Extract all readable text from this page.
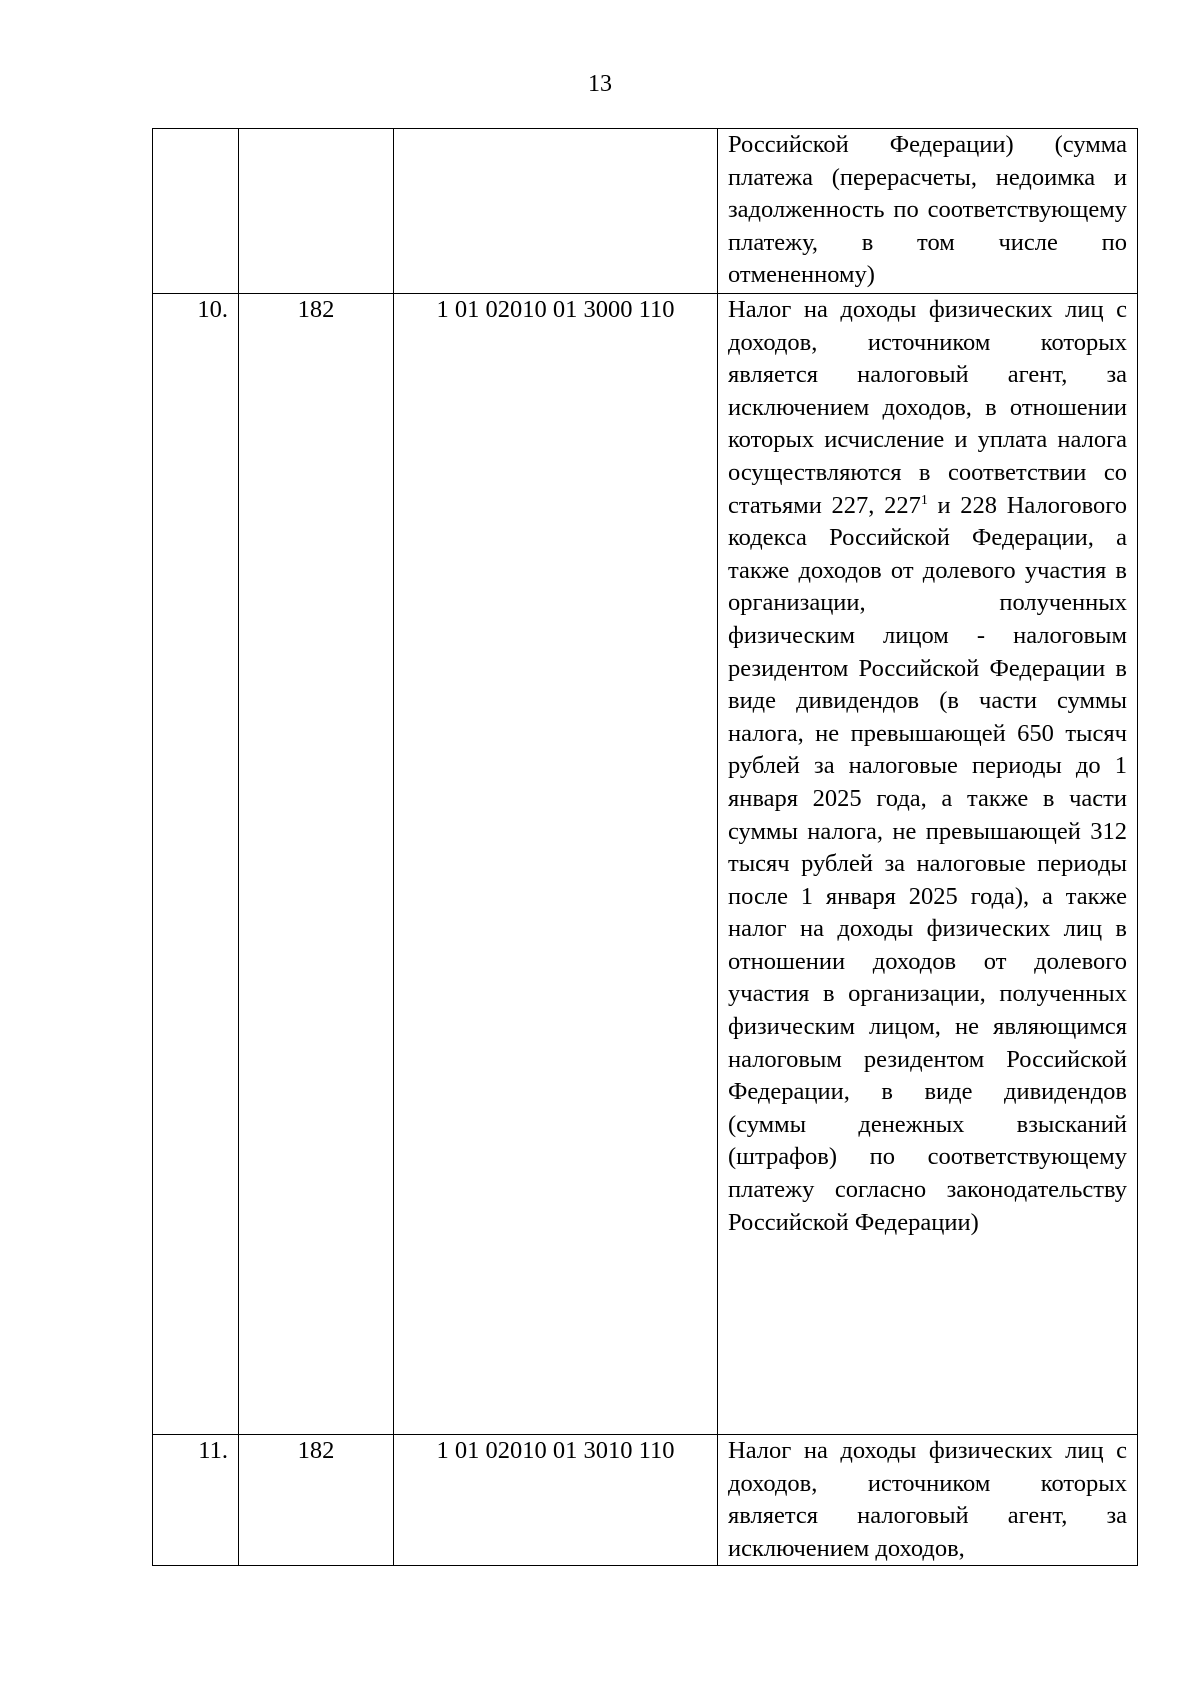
13

			Российской Федерации) (сумма платежа (перерасчеты, недоимка и задолженность по соответствующему платежу, в том числе по отмененному)

10.	182	1 01 02010 01 3000 110	Налог на доходы физических лиц с доходов, источником которых является налоговый агент, за исключением доходов, в отношении которых исчисление и уплата налога осуществляются в соответствии со статьями 227, $227^1$ и 228 Налогового кодекса Российской Федерации, а также доходов от долевого участия в организации, полученных физическим лицом - налоговым резидентом Российской Федерации в виде дивидендов (в части суммы налога, не превышающей 650 тысяч рублей за налоговые периоды до 1 января 2025 года, а также в части суммы налога, не превышающей 312 тысяч рублей за налоговые периоды после 1 января 2025 года), а также налог на доходы физических лиц в отношении доходов от долевого участия в организации, полученных физическим лицом, не являющимся налоговым резидентом Российской Федерации, в виде дивидендов (суммы денежных взысканий (штрафов) по соответствующему платежу согласно законодательству Российской Федерации)

11.	182	1 01 02010 01 3010 110	Налог на доходы физических лиц с доходов, источником которых является налоговый агент, за исключением доходов,
